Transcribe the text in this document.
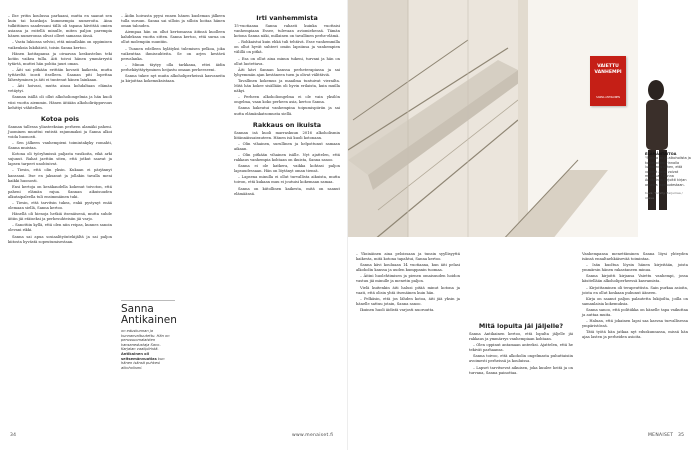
– Ilse yritin koulussa parhaani, mutta en saanut sen kuin tai hauskoja kummempia numeroita. Aina tulkittiinen saadessani tällä oli tapana hävittää omien asiansa ja esitellä minulle, miten paljon parempia hänen numeronsa olivat olleet samassa iässä.

– Vasta lukiossa selvisi, että minullakin on oppimisen vaikeuksia lukihäiriö, toisin Sanna kertoo.

Hänen kotitapansa ja oivaavan keskustelun teki kotiin vaikea tulla. Äiti toivoi hänen ymmärrystä tytärtä, muttei hän pohtia juuri oman.

– Äiti sai pitkään erittäin kovasti kaikesta, mutta tyttäreltä isosti itselleen. Saanan piti lopettaa lähestyminen ja äiti ei tuntenut hänen lainkaan.

– Äiti hoivasi, mutta ainoa kohdaltaan elämän vetäytyi.

Sannan isällä oli ollut alkoholiongelmia ja hän kuoli viisi vuotta aiemmin. Hänen äitiään alkoholiriippuvuus kehittyi vähitellen.

Kotoa pois

Sannan tallessa yliasteeksian perheen alamäki paheni. Juominen muuttui entistä rajummaksi ja Sanna alkoi voida huonosti.

– Sen jälkeen vanhempieni toimintakyky romahti, Sanna muistaa.

Kotona oli työryhmissä paljasta vasikoita, eikä arki sujunut. Rahat jaettiin siten, että jotkut saavat ja lapsen tarpeet unohtuivat.

– Tiesin, että olin yksin. Kukaan ei pärjännyt kanssani. Itse en jaksanut ja jollakin tavalla meni kaikki huonosti.

Ensi kertoja on kesäkaudella kokenut toivoton, että paheni elämän rajua. Sannan aikuisuuden alkutaipaleella tuli ensimmäinen tuki.

– Tiesin, että tarvitsin tukea, enkä pystynyt enää olemaan siellä, Sanna kertoo.

Hänellä oli hienoja hetkiä itsenäisenä, mutta suhde äitiin jäi etäiseksi ja perhesuhteisiin jäi varjo.

– Sanottiin kyllä, että olen niin reipas, kunnes sanoin olevani rikki.

Sanna sai apua sosiaalityöntekijältä ja sai paljon kiitosta hyvästä sopeutumisestaan.

– Äidin hoivasta pyysi ennen hänen kuoleman jälkeen tulla suruun. Sanna sai silloin ja silloin hoitaa hänen oman talouden.

Aiempaa hän on ollut kertomassa äitinsä kuolleen kahdeksan vuotta sitten. Sanna kertoo, että surua on ollut molempiin suuntiin.

– Tunnen edelleen hylätyksi tulemisen pelkoa, joka vaikeuttaa ihmissuhteita. Se on arjen kestävä peruslanka.

– Minun täytyy olla tarkkana, ettei äidin perhekäyttäytyminen heijastu omaan perheeseeni.

Sanna tukee nyt muita alkoholiperheissä kasvaneita ja kirjoittaa kokemuksistaan.

Sanna Antikainen
on eduskunnan ja kunnanvaltuutettu. Hän on perussuomalaisten kansanedustaja Savo-Karjalan vaalipiiristä. Antikainen oli seitsemänvuotias kun hänen isänsä puhkesi alkoholismi.
Irti vanhemmista

15-vuotiaana Sanna rahasti kuinka vuottaisi vanhempiaan Essee, tulevaan aviomiehensä. Tämän kotona Sanna näki, millainen on tavallinen perhe-elämä.

– Rohkaistui kuin ehkä tuli tehtävä. Esse vanhemmilla on ollut hyvät suhteet omiin lapsiinsa ja vanhempien välillä on pitkä.

– Esa on ollut aina minun tukeni, turvani ja hän on ollut luotettava.

Äiti kävi Sannan kanssa perheterapiassa ja sai lyhyemmän ajan kestäneen tuen ja olivat välittäviä.

Tavallinen kokemus ja maailma tuntuivat vierailta. Mitä hän kokee sisällään oli hyvin erilaista, kuin muilla näkyi.

– Perheen alkoholiongelma ei ole vain yksilön ongelma, vaan koko perheen asia, kertoo Sanna.

Sanna hakeutui vanhempina toipumispiiriin ja sai uutta elämänkatsomusta siellä.

Rakkaus on ikuista

Sannan isä kuoli marraskuun 2016 alkoholismin liitännäissairauteen. Hänen isä kuoli kotonaan.

– Olin vihainen, surullinen ja helpottunut samaan aikaan.

– Olin pitkään vihainen isälle. Nyt ajattelen, että rakkaus vanhempia kohtaan on ikuista, Sanna sanoo.

Sanna ei ole katkera, vaikka kohtasi paljon lapsuudessaan. Hän on löytänyt oman tiensä.

– Lapsena minulla ei ollut turvallista aikuista, mutta toivon, että kukaan muu ei joutuisi kokemaan samaa.

Sanna on kiitollinen kaikesta, mitä on saanut elämäänsä.

34	www.menaiset.fi
VAIETTU
VANHEMPI
SANNA ANTIKAINEN
ELÄMÄNTAITOA
"Sanoja on ja alkoholista ja tosiasioiden rinnalla luottamus siihen, että vaikeat asiat voivat muuttua." Sanna Antikainen kirjoitti kirjan omasta lapsuudestaan.
Kuva: Tommy Harjumaa / Otava

– Yksinäinen aina peloissaan ja tunsin syyllisyyttä kaikesta, mitä kotona tapahtui, Sanna kertoo.

Sanna kävi kouluaan 14 vuotiaana, kun äiti pelasi alkoholin kanssa ja uuden kumppanin tuomaa.

– Äitini huolehtimisen ja pienen omaisuuden hoidon vastuu jäi minulle ja menetin paljon.

Vielä kuitenkin äiti halusi pitää minut kotona ja vaati, että olisin yhtä itsenäinen kuin hän.

– Pelkäsin, että jos lähden kotoa, äiti jää yksin ja hänelle sattuu jotain, Sanna sanoo.

Ikuinen huoli äidistä varjosti nuoruutta.

Mitä lopulta jäi jäljelle?

Sanna Antikainen kertoo, että lopulta jäljelle jäi rakkaus ja ymmärrys vanhempiaan kohtaan.

– Olen oppinut antamaan anteeksi. Ajattelen, että he tekivät parhaansa.

Sanna toivoo, että alkoholin ongelmasta puhuttaisiin avoimesti perheissä ja kouluissa.

– Lapset tarvitsevat aikuisen, joka kuulee heitä ja on turvana, Sanna painottaa.

Vanhempansa menettäminen Sanna löysi yhteyden isänsä ennaltaehkäisevää toimintaa.

– Isän kuoltua löysin hänen kirjeitään, joista ymmärsin hänen rakastaneen minua.

Sanna kirjoitti kirjansa Vaiettu vanhempi, jossa käsitellään alkoholiperheessä kasvamista.

– Kirjoittaminen oli terapeuttista. Sain purkaa asioita, joista en ollut koskaan puhunut ääneen.

Kirja on saanut paljon palautetta lukijoilta, joilla on samanlaisia kokemuksia.

Sanna sanoo, että politiikka on hänelle tapa vaikuttaa ja auttaa muita.

– Haluan, että jokainen lapsi saa kasvaa turvallisessa ympäristössä.

Tätä työtä hän jatkaa nyt eduskunnassa, missä hän ajaa lasten ja perheiden asioita.

MENAISET 35
